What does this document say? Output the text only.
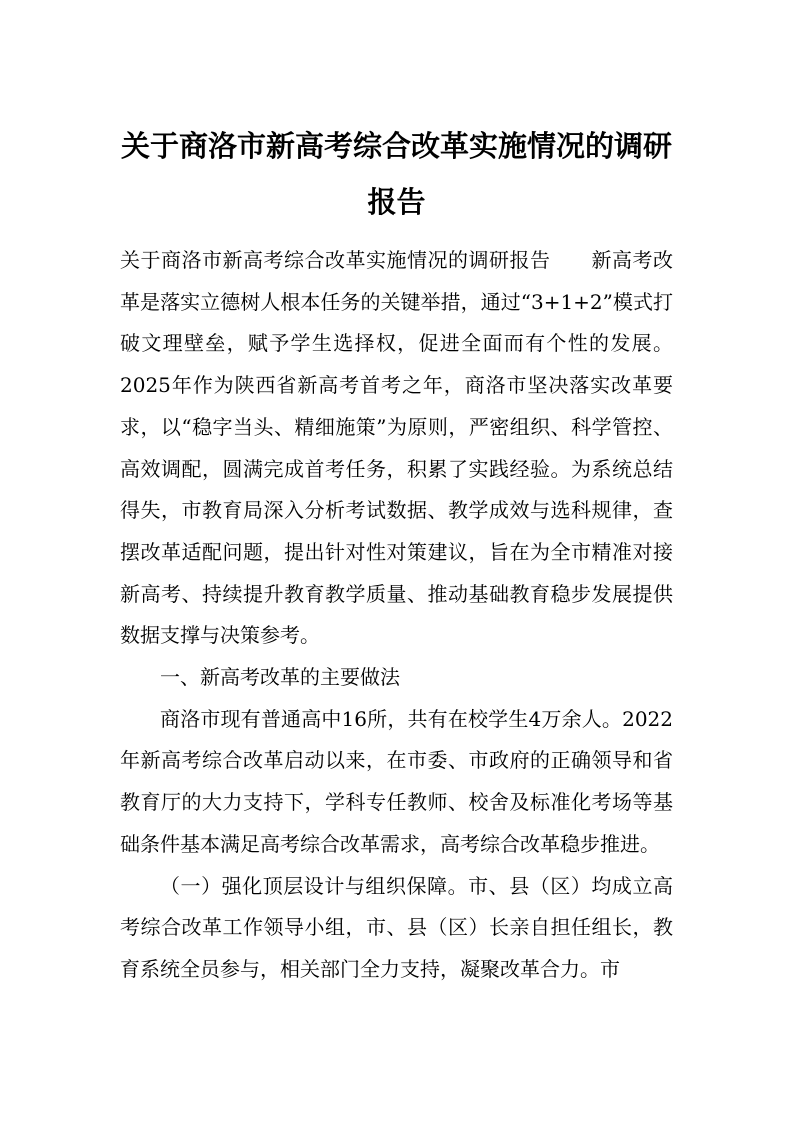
关于商洛市新高考综合改革实施情况的调研报告

关于商洛市新高考综合改革实施情况的调研报告　　新高考改革是落实立德树人根本任务的关键举措，通过“3+1+2”模式打破文理壁垒，赋予学生选择权，促进全面而有个性的发展。2025年作为陕西省新高考首考之年，商洛市坚决落实改革要求，以“稳字当头、精细施策”为原则，严密组织、科学管控、高效调配，圆满完成首考任务，积累了实践经验。为系统总结得失，市教育局深入分析考试数据、教学成效与选科规律，查摆改革适配问题，提出针对性对策建议，旨在为全市精准对接新高考、持续提升教育教学质量、推动基础教育稳步发展提供数据支撑与决策参考。

一、新高考改革的主要做法

商洛市现有普通高中16所，共有在校学生4万余人。2022年新高考综合改革启动以来，在市委、市政府的正确领导和省教育厅的大力支持下，学科专任教师、校舍及标准化考场等基础条件基本满足高考综合改革需求，高考综合改革稳步推进。

（一）强化顶层设计与组织保障。市、县（区）均成立高考综合改革工作领导小组，市、县（区）长亲自担任组长，教育系统全员参与，相关部门全力支持，凝聚改革合力。市
